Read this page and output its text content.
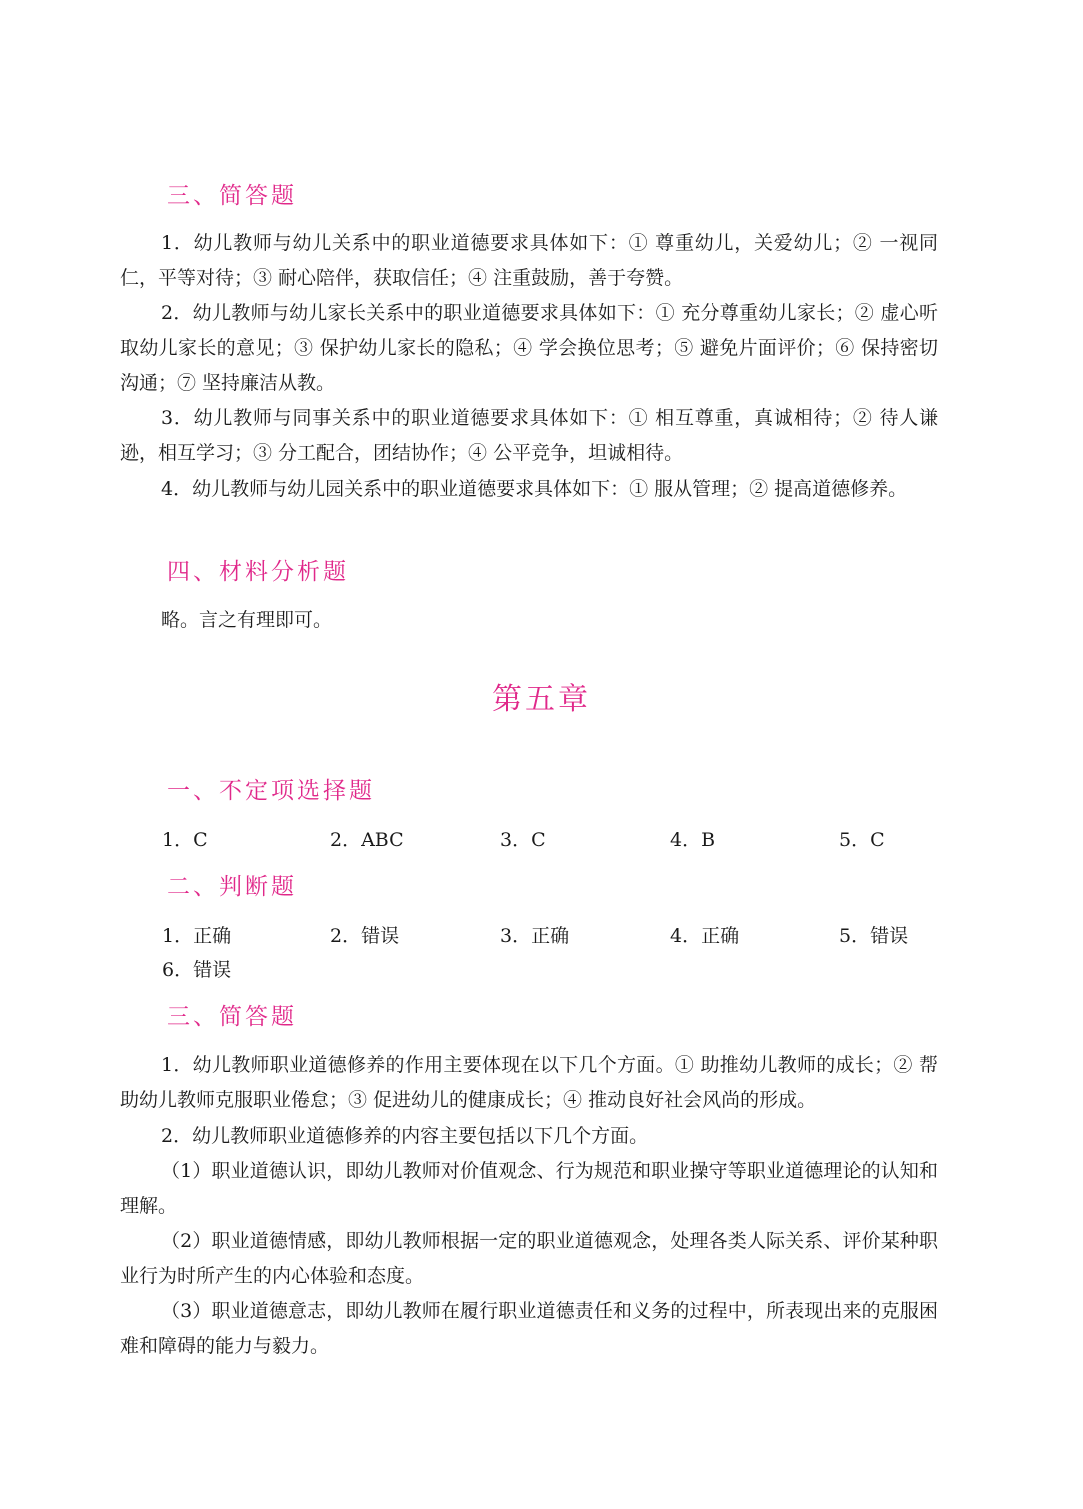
三、简答题

1．幼儿教师与幼儿关系中的职业道德要求具体如下：① 尊重幼儿，关爱幼儿；② 一视同仁，平等对待；③ 耐心陪伴，获取信任；④ 注重鼓励，善于夸赞。

2．幼儿教师与幼儿家长关系中的职业道德要求具体如下：① 充分尊重幼儿家长；② 虚心听取幼儿家长的意见；③ 保护幼儿家长的隐私；④ 学会换位思考；⑤ 避免片面评价；⑥ 保持密切沟通；⑦ 坚持廉洁从教。

3．幼儿教师与同事关系中的职业道德要求具体如下：① 相互尊重，真诚相待；② 待人谦逊，相互学习；③ 分工配合，团结协作；④ 公平竞争，坦诚相待。

4．幼儿教师与幼儿园关系中的职业道德要求具体如下：① 服从管理；② 提高道德修养。

四、材料分析题

略。言之有理即可。

第五章
一、不定项选择题
1．C	2．ABC	3．C	4．B	5．C
二、判断题
1．正确	2．错误	3．正确	4．正确	5．错误
6．错误
三、简答题

1．幼儿教师职业道德修养的作用主要体现在以下几个方面。① 助推幼儿教师的成长；② 帮助幼儿教师克服职业倦怠；③ 促进幼儿的健康成长；④ 推动良好社会风尚的形成。

2．幼儿教师职业道德修养的内容主要包括以下几个方面。

（1）职业道德认识，即幼儿教师对价值观念、行为规范和职业操守等职业道德理论的认知和理解。

（2）职业道德情感，即幼儿教师根据一定的职业道德观念，处理各类人际关系、评价某种职业行为时所产生的内心体验和态度。

（3）职业道德意志，即幼儿教师在履行职业道德责任和义务的过程中，所表现出来的克服困难和障碍的能力与毅力。
